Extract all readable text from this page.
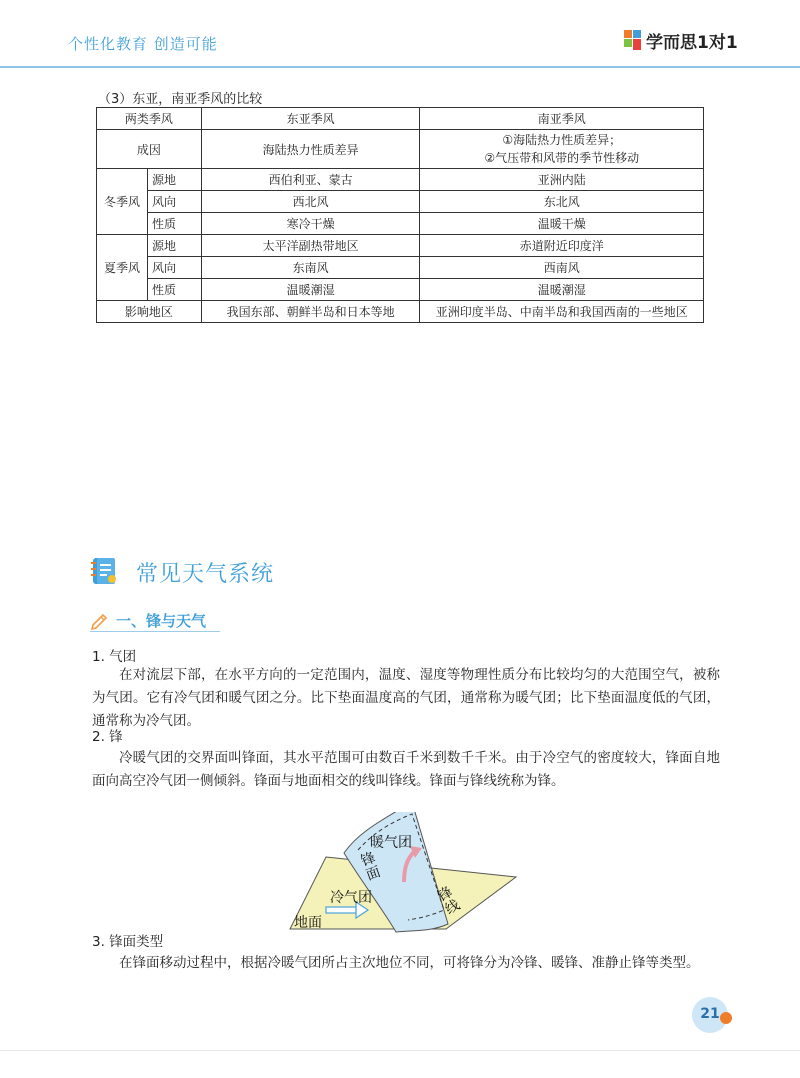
个性化教育 创造可能	学而思1对1
（3）东亚，南亚季风的比较
两类季风		东亚季风	南亚季风
成因		海陆热力性质差异	①海陆热力性质差异；
②气压带和风带的季节性移动

冬季风	源地	西伯利亚、蒙古	亚洲内陆
	风向	西北风	东北风
	性质	寒冷干燥	温暖干燥
夏季风	源地	太平洋副热带地区	赤道附近印度洋
	风向	东南风	西南风
	性质	温暖潮湿	温暖潮湿
影响地区		我国东部、朝鲜半岛和日本等地	亚洲印度半岛、中南半岛和我国西南的一些地区
常见天气系统
一、锋与天气
1. 气团
在对流层下部，在水平方向的一定范围内，温度、湿度等物理性质分布比较均匀的大范围空气，被称为气团。它有冷气团和暖气团之分。比下垫面温度高的气团，通常称为暖气团；比下垫面温度低的气团，通常称为冷气团。
2. 锋
冷暖气团的交界面叫锋面，其水平范围可由数百千米到数千千米。由于冷空气的密度较大，锋面自地面向高空冷气团一侧倾斜。锋面与地面相交的线叫锋线。锋面与锋线统称为锋。
暖气团
锋面
冷气团
地面
锋线
3. 锋面类型
在锋面移动过程中，根据冷暖气团所占主次地位不同，可将锋分为冷锋、暖锋、准静止锋等类型。
21
